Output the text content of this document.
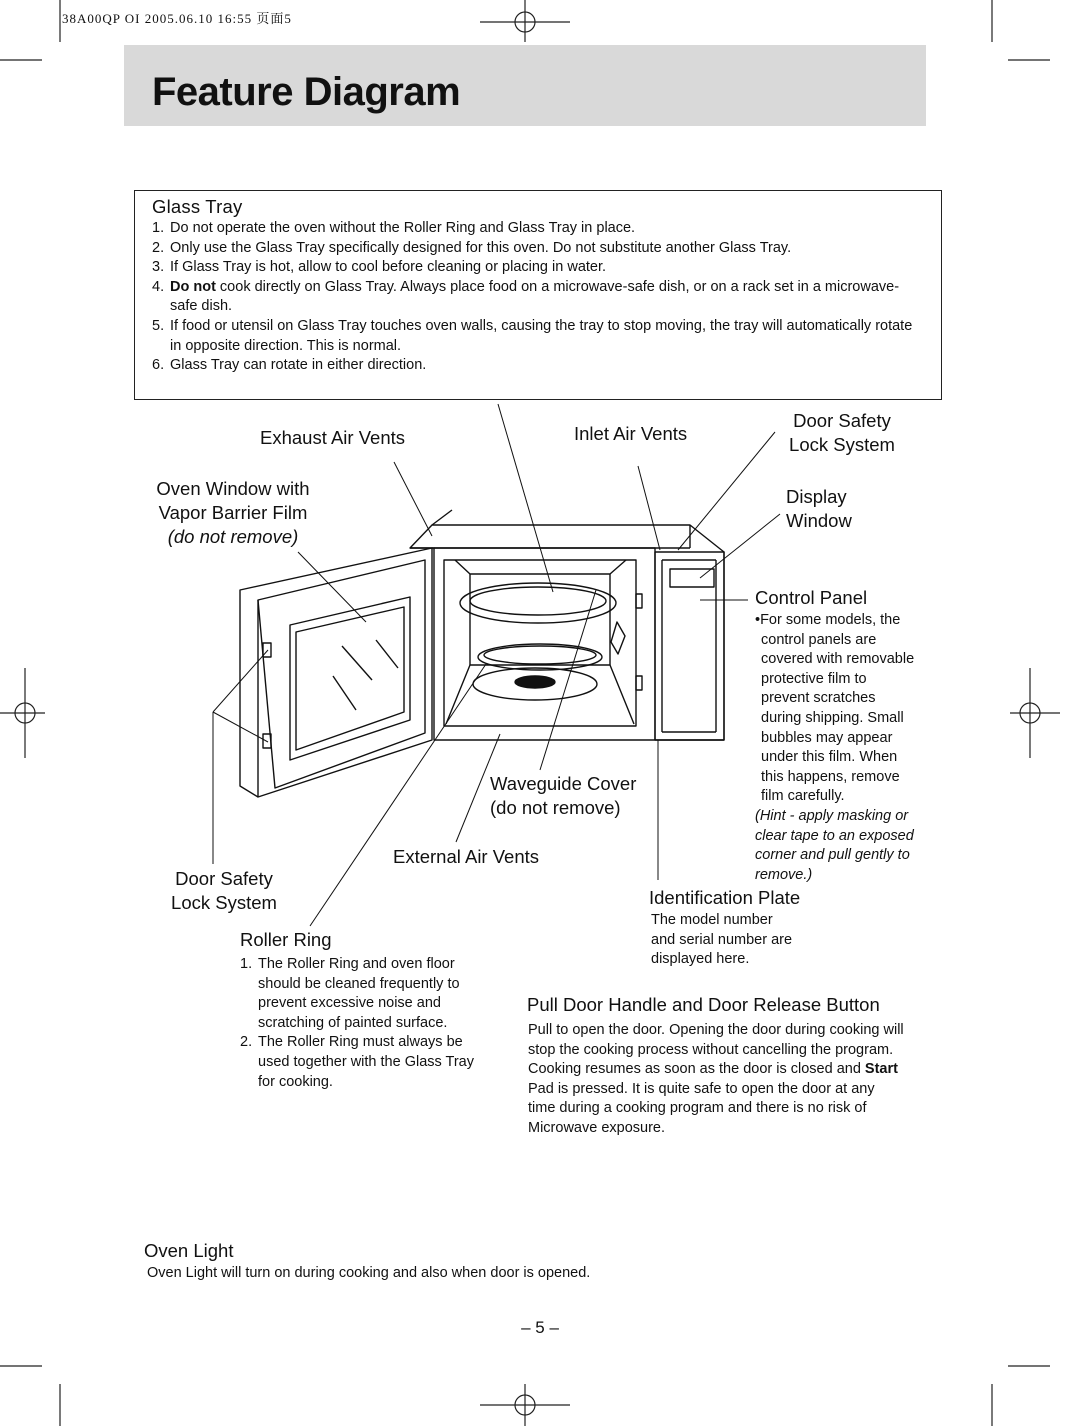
38A00QP OI 2005.06.10 16:55 页面5
Feature Diagram
Glass Tray
1. Do not operate the oven without the Roller Ring and Glass Tray in place.
2. Only use the Glass Tray specifically designed for this oven. Do not substitute another Glass Tray.
3. If Glass Tray is hot, allow to cool before cleaning or placing in water.
4. Do not cook directly on Glass Tray. Always place food on a microwave-safe dish, or on a rack set in a microwave-safe dish.
5. If food or utensil on Glass Tray touches oven walls, causing the tray to stop moving, the tray will automatically rotate in opposite direction. This is normal.
6. Glass Tray can rotate in either direction.
Exhaust Air Vents	Inlet Air Vents
Door Safety
Lock System
Oven Window with
Vapor Barrier Film
(do not remove)
Display
Window
Control Panel
•For some models, the
control panels are
covered with removable
protective film to
prevent scratches
during shipping. Small
bubbles may appear
under this film. When
this happens, remove
film carefully.
(Hint - apply masking or
clear tape to an exposed
corner and pull gently to
remove.)
Waveguide Cover
(do not remove)
External Air Vents
Door Safety
Lock System	Identification Plate
The model number
and serial number are
displayed here.
Roller Ring
1. The Roller Ring and oven floor
should be cleaned frequently to
prevent excessive noise and
scratching of painted surface.
2. The Roller Ring must always be
used together with the Glass Tray
for cooking.
Pull Door Handle and Door Release Button
Pull to open the door. Opening the door during cooking will
stop the cooking process without cancelling the program.
Cooking resumes as soon as the door is closed and Start
Pad is pressed. It is quite safe to open the door at any
time during a cooking program and there is no risk of
Microwave exposure.
Oven Light
Oven Light will turn on during cooking and also when door is opened.
– 5 –
